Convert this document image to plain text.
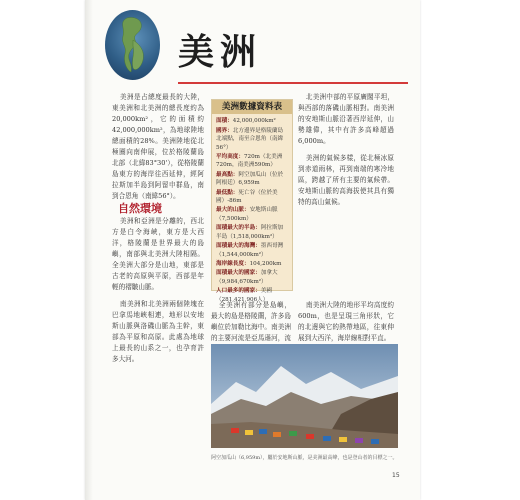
美洲

美洲是占總度最長的大陸，東美洲和北美洲的總長度約為20,000km²，它的面積約42,000,000km²，為地球陸地總面積的28%。美洲陸地從北極圈向南伸展，位於格陵蘭島北部（北緯83°30'），從格陵蘭島東方的海岸往西延伸，經阿拉斯加半島到阿留申群島，南到合恩角（南緯56°）。

自然環境

美洲和亞洲是分離的，西北方是白令海峽，東方是大西洋，格陵蘭是世界最大的島嶼，南部與北美洲大陸相隔。全美洲大部分是山地，東部是古老的高原與平原，西部是年輕的褶皺山脈。

南美洲和北美洲兩個陸塊在巴拿馬地峽相連，地形以安地斯山脈與洛磯山脈為主幹，東部為平原和高原。此處為地球上最長的山系之一，也孕育許多大河。

美洲數據資料表
面積：42,000,000km²
國界：北方邊界是格陵蘭島北端點，南至合恩角（南緯56°）
平均高度：720m（北美洲720m，南美洲590m）
最高點：阿空加瓜山（位於阿根廷）6,959m
最低點：死亡谷（位於美國）-86m
最大的山脈：安地斯山脈（7,500km）
面積最大的半島：阿拉斯加半島（1,518,000km²）
面積最大的海灣：墨西哥灣（1,544,000km²）
海岸線長度：104,200km
面積最大的國家：加拿大（9,984,670km²）
人口最多的國家：美國（281,421,906人）

全美洲有部分是島嶼，最大的島是格陵蘭，許多島嶼位於加勒比海中。南美洲的主要河流是亞馬遜河，流

北美洲中部的平原廣闊平坦，與西部的落磯山脈相對。南美洲的安地斯山脈沿著西岸延伸，山勢雄偉，其中有許多高峰超過6,000m。

美洲的氣候多樣，從北極冰原到赤道雨林，再到南端的寒冷地區，跨越了所有主要的氣候帶。安地斯山脈的高海拔使其具有獨特的高山氣候。

南美洲大陸的地形平均高度約600m，也是呈現三角形狀，它的北邊與它的熱帶地區，往東伸展到大西洋，海岸線相對平直。

阿空加瓜山（6,959m），屬於安地斯山脈，是美洲最高峰，也是登山者的目標之一。
15
